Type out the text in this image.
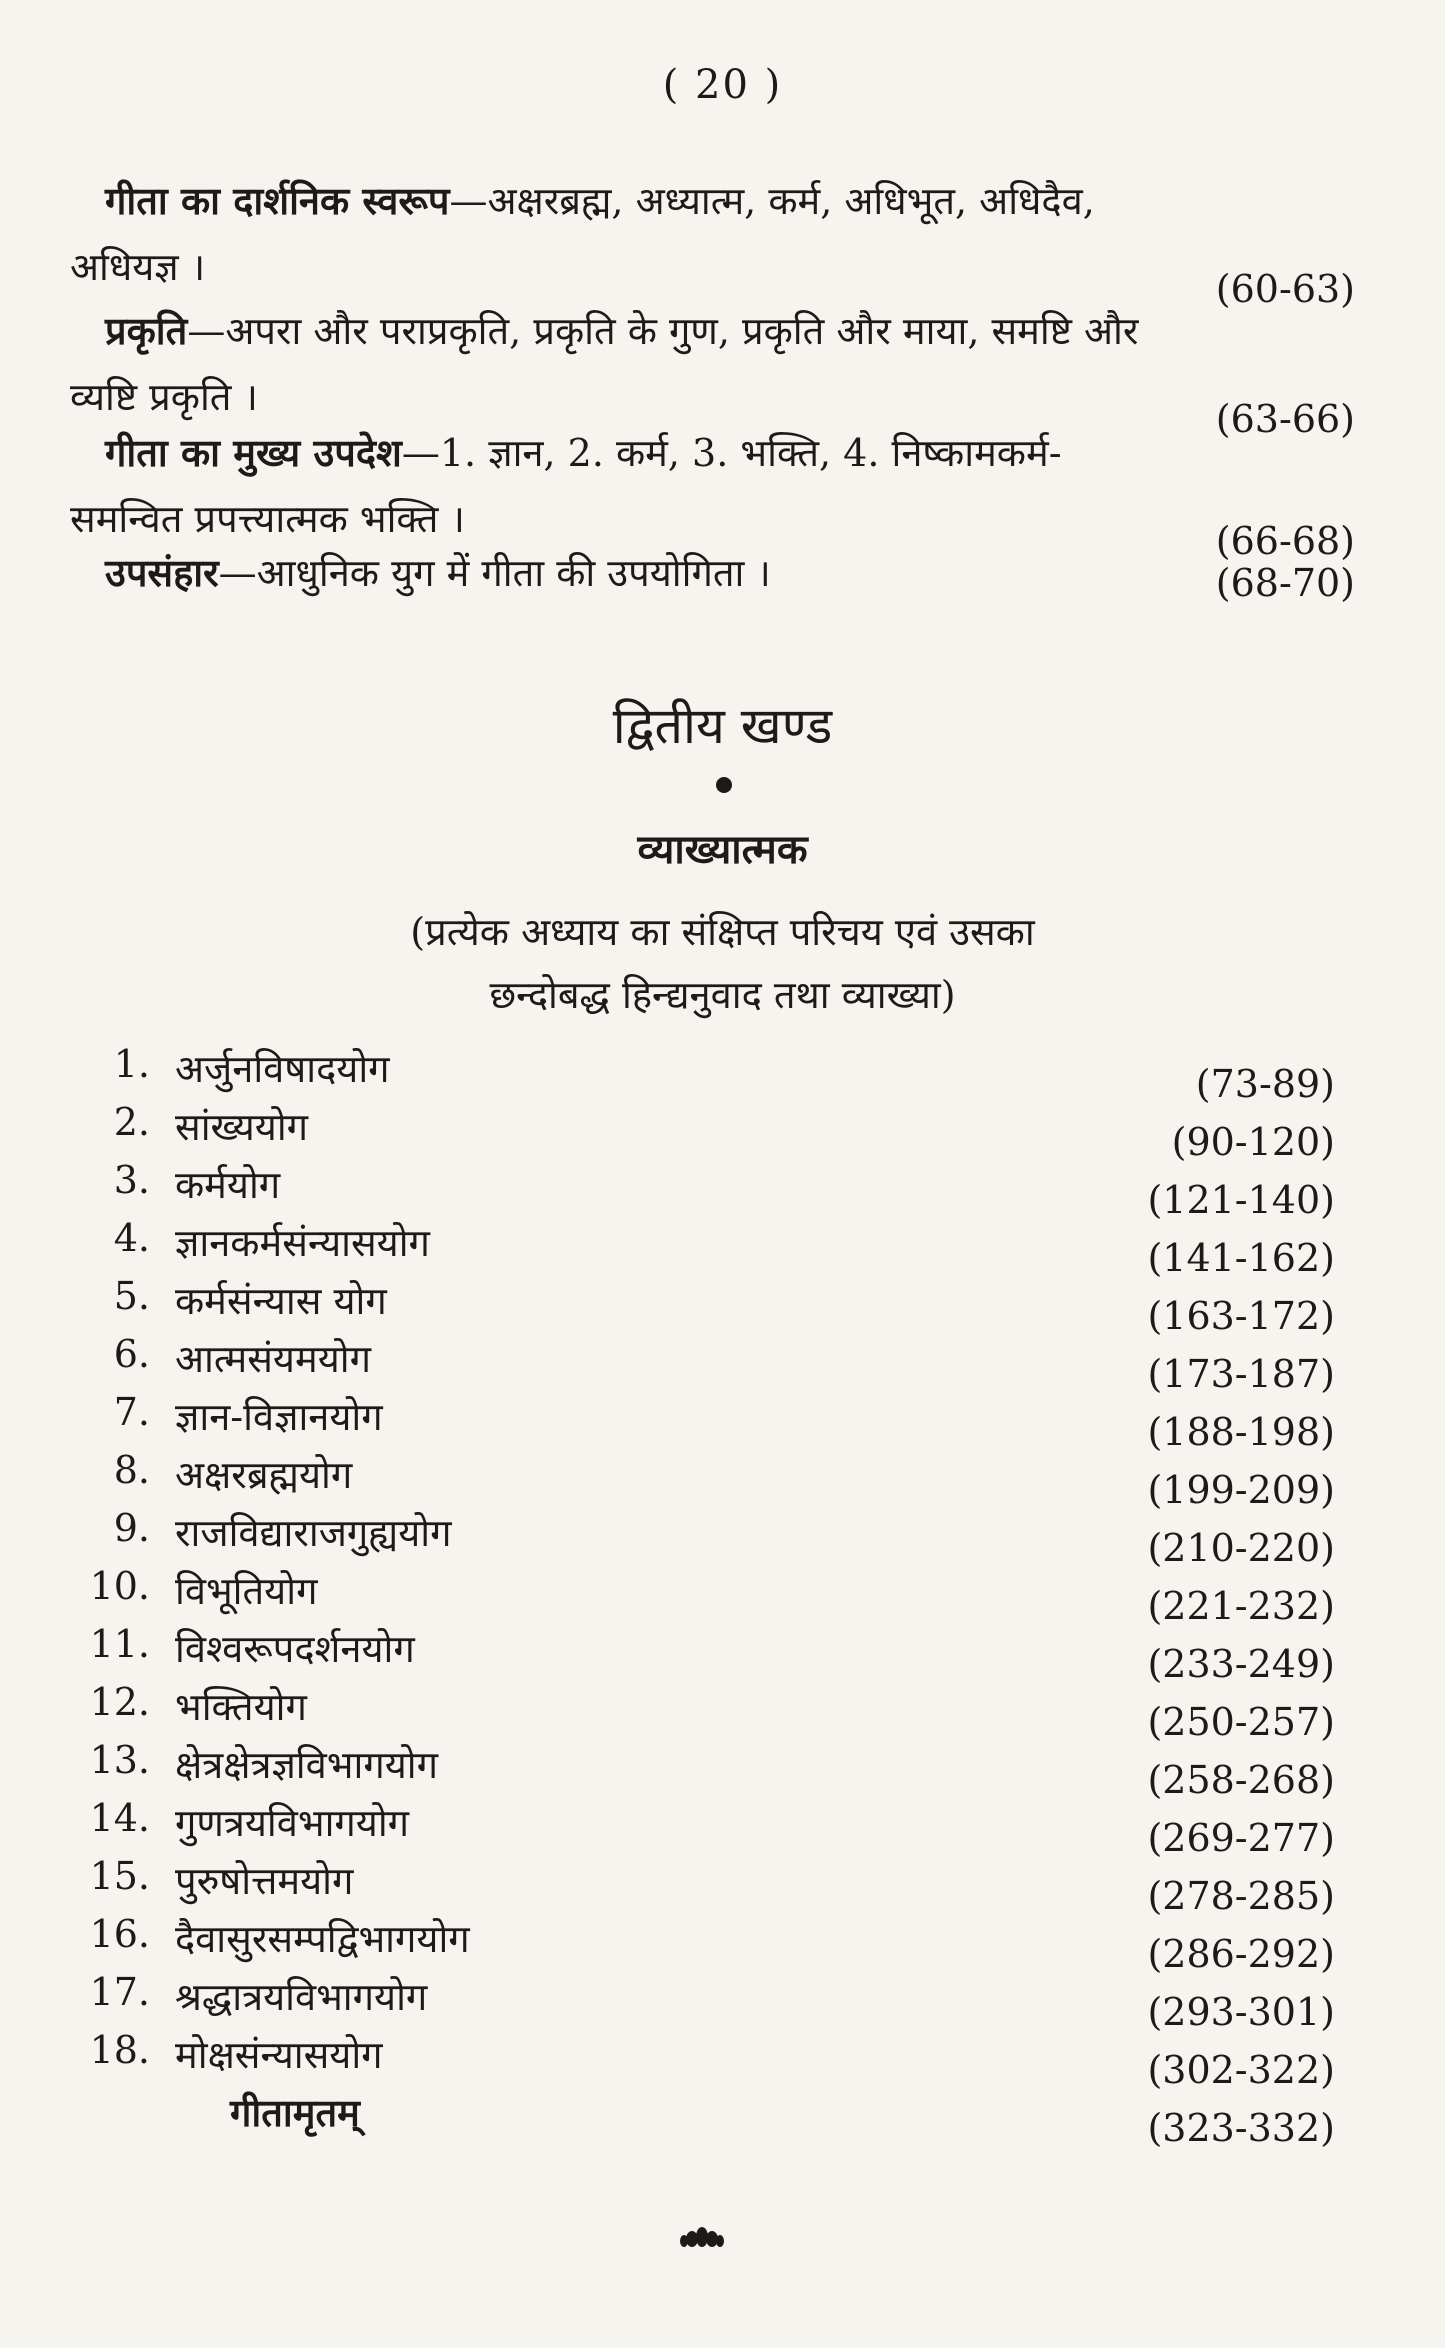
( 20 )
गीता का दार्शनिक स्वरूप—अक्षरब्रह्म, अध्यात्म, कर्म, अधिभूत, अधिदैव,
अधियज्ञ ।	(60-63)
प्रकृति—अपरा और पराप्रकृति, प्रकृति के गुण, प्रकृति और माया, समष्टि और
व्यष्टि प्रकृति ।	(63-66)
गीता का मुख्य उपदेश—1. ज्ञान, 2. कर्म, 3. भक्ति, 4. निष्कामकर्म-
समन्वित प्रपत्त्यात्मक भक्ति ।	(66-68)
उपसंहार—आधुनिक युग में गीता की उपयोगिता ।	(68-70)
द्वितीय खण्ड
व्याख्यात्मक
(प्रत्येक अध्याय का संक्षिप्त परिचय एवं उसका
छन्दोबद्ध हिन्द्यनुवाद तथा व्याख्या)
1. अर्जुनविषादयोग	(73-89)
2. सांख्ययोग	(90-120)
3. कर्मयोग	(121-140)
4. ज्ञानकर्मसंन्यासयोग	(141-162)
5. कर्मसंन्यास योग	(163-172)
6. आत्मसंयमयोग	(173-187)
7. ज्ञान-विज्ञानयोग	(188-198)
8. अक्षरब्रह्मयोग	(199-209)
9. राजविद्याराजगुह्ययोग	(210-220)
10. विभूतियोग	(221-232)
11. विश्वरूपदर्शनयोग	(233-249)
12. भक्तियोग	(250-257)
13. क्षेत्रक्षेत्रज्ञविभागयोग	(258-268)
14. गुणत्रयविभागयोग	(269-277)
15. पुरुषोत्तमयोग	(278-285)
16. दैवासुरसम्पद्विभागयोग	(286-292)
17. श्रद्धात्रयविभागयोग	(293-301)
18. मोक्षसंन्यासयोग	(302-322)
गीतामृतम्	(323-332)
